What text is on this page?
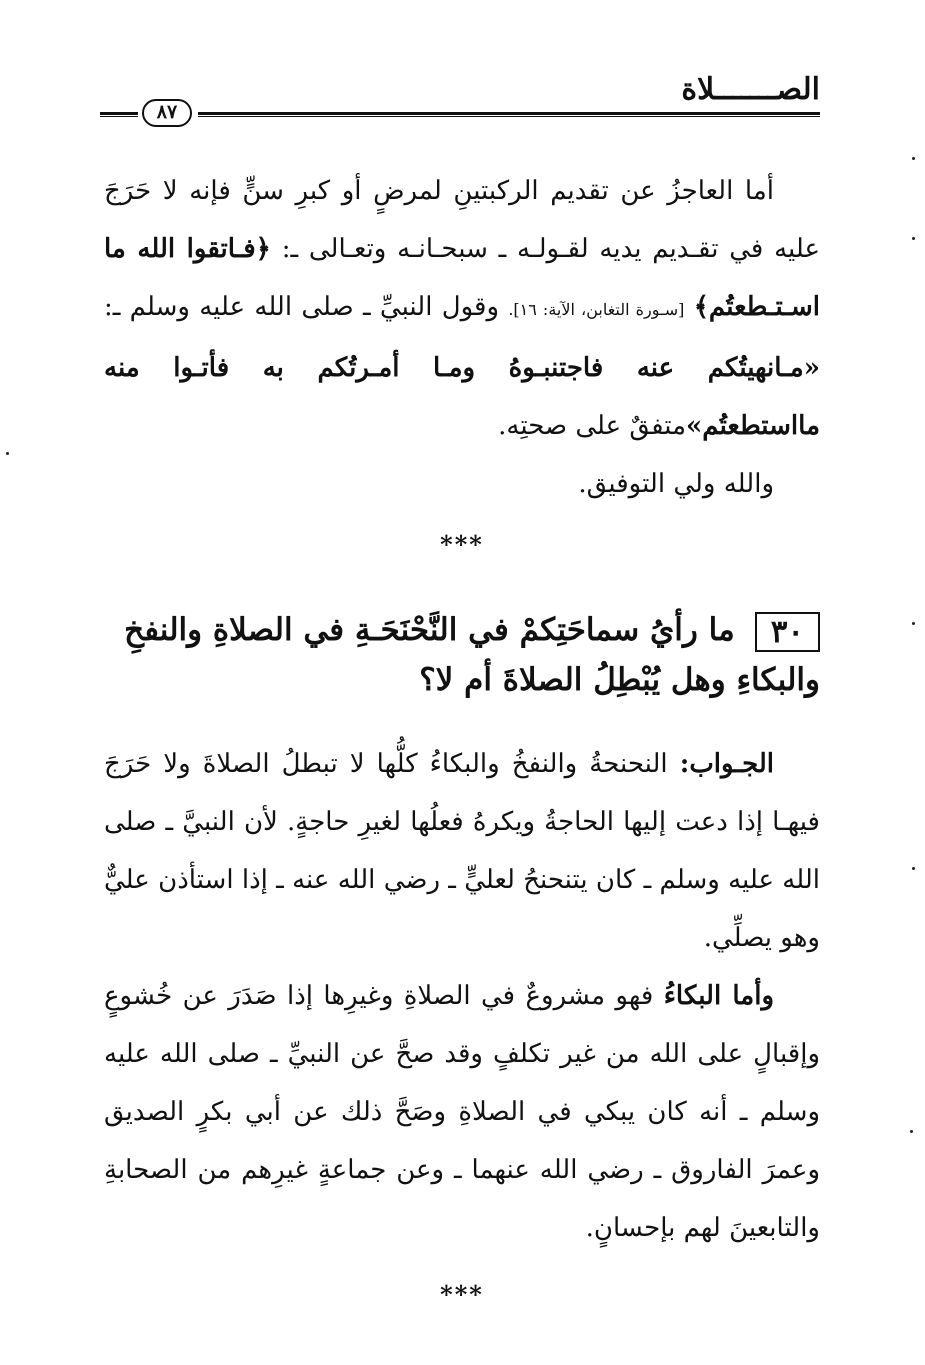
الصـــــــلاة
٨٧

أما العاجزُ عن تقديم الركبتينِ لمرضٍ أو كبرِ سنٍّ فإنه لا حَرَجَ عليه في تقـديم يديه لقـولـه ـ سبحـانـه وتعـالى ـ: ﴿فـاتقوا الله ما اسـتـطعتُم﴾ [سـورة التغابن، الآية: ١٦]. وقول النبيِّ ـ صلى الله عليه وسلم ـ: «مـانهيتُكم عنه فاجتنبـوهُ ومـا أمـرتُكم به فأتـوا منه مااستطعتُم»متفقٌ على صحتِه.

والله ولي التوفيق.

***

٣٠ما رأيُ سماحَتِكمْ في النَّحْنَحَـةِ في الصلاةِ والنفخِ والبكاءِ وهل يُبْطِلُ الصلاةَ أم لا؟

الجـواب: النحنحةُ والنفخُ والبكاءُ كلُّها لا تبطلُ الصلاةَ ولا حَرَجَ فيهـا إذا دعت إليها الحاجةُ ويكرهُ فعلُها لغيرِ حاجةٍ. لأن النبيَّ ـ صلى الله عليه وسلم ـ كان يتنحنحُ لعليٍّ ـ رضي الله عنه ـ إذا استأذن عليٌّ وهو يصلِّي.

وأما البكاءُ فهو مشروعٌ في الصلاةِ وغيرِها إذا صَدَرَ عن خُشوعٍ وإقبالٍ على الله من غير تكلفٍ وقد صحَّ عن النبيِّ ـ صلى الله عليه وسلم ـ أنه كان يبكي في الصلاةِ وصَحَّ ذلك عن أبي بكرٍ الصديق وعمرَ الفاروق ـ رضي الله عنهما ـ وعن جماعةٍ غيرِهم من الصحابةِ والتابعينَ لهم بإحسانٍ.

***
